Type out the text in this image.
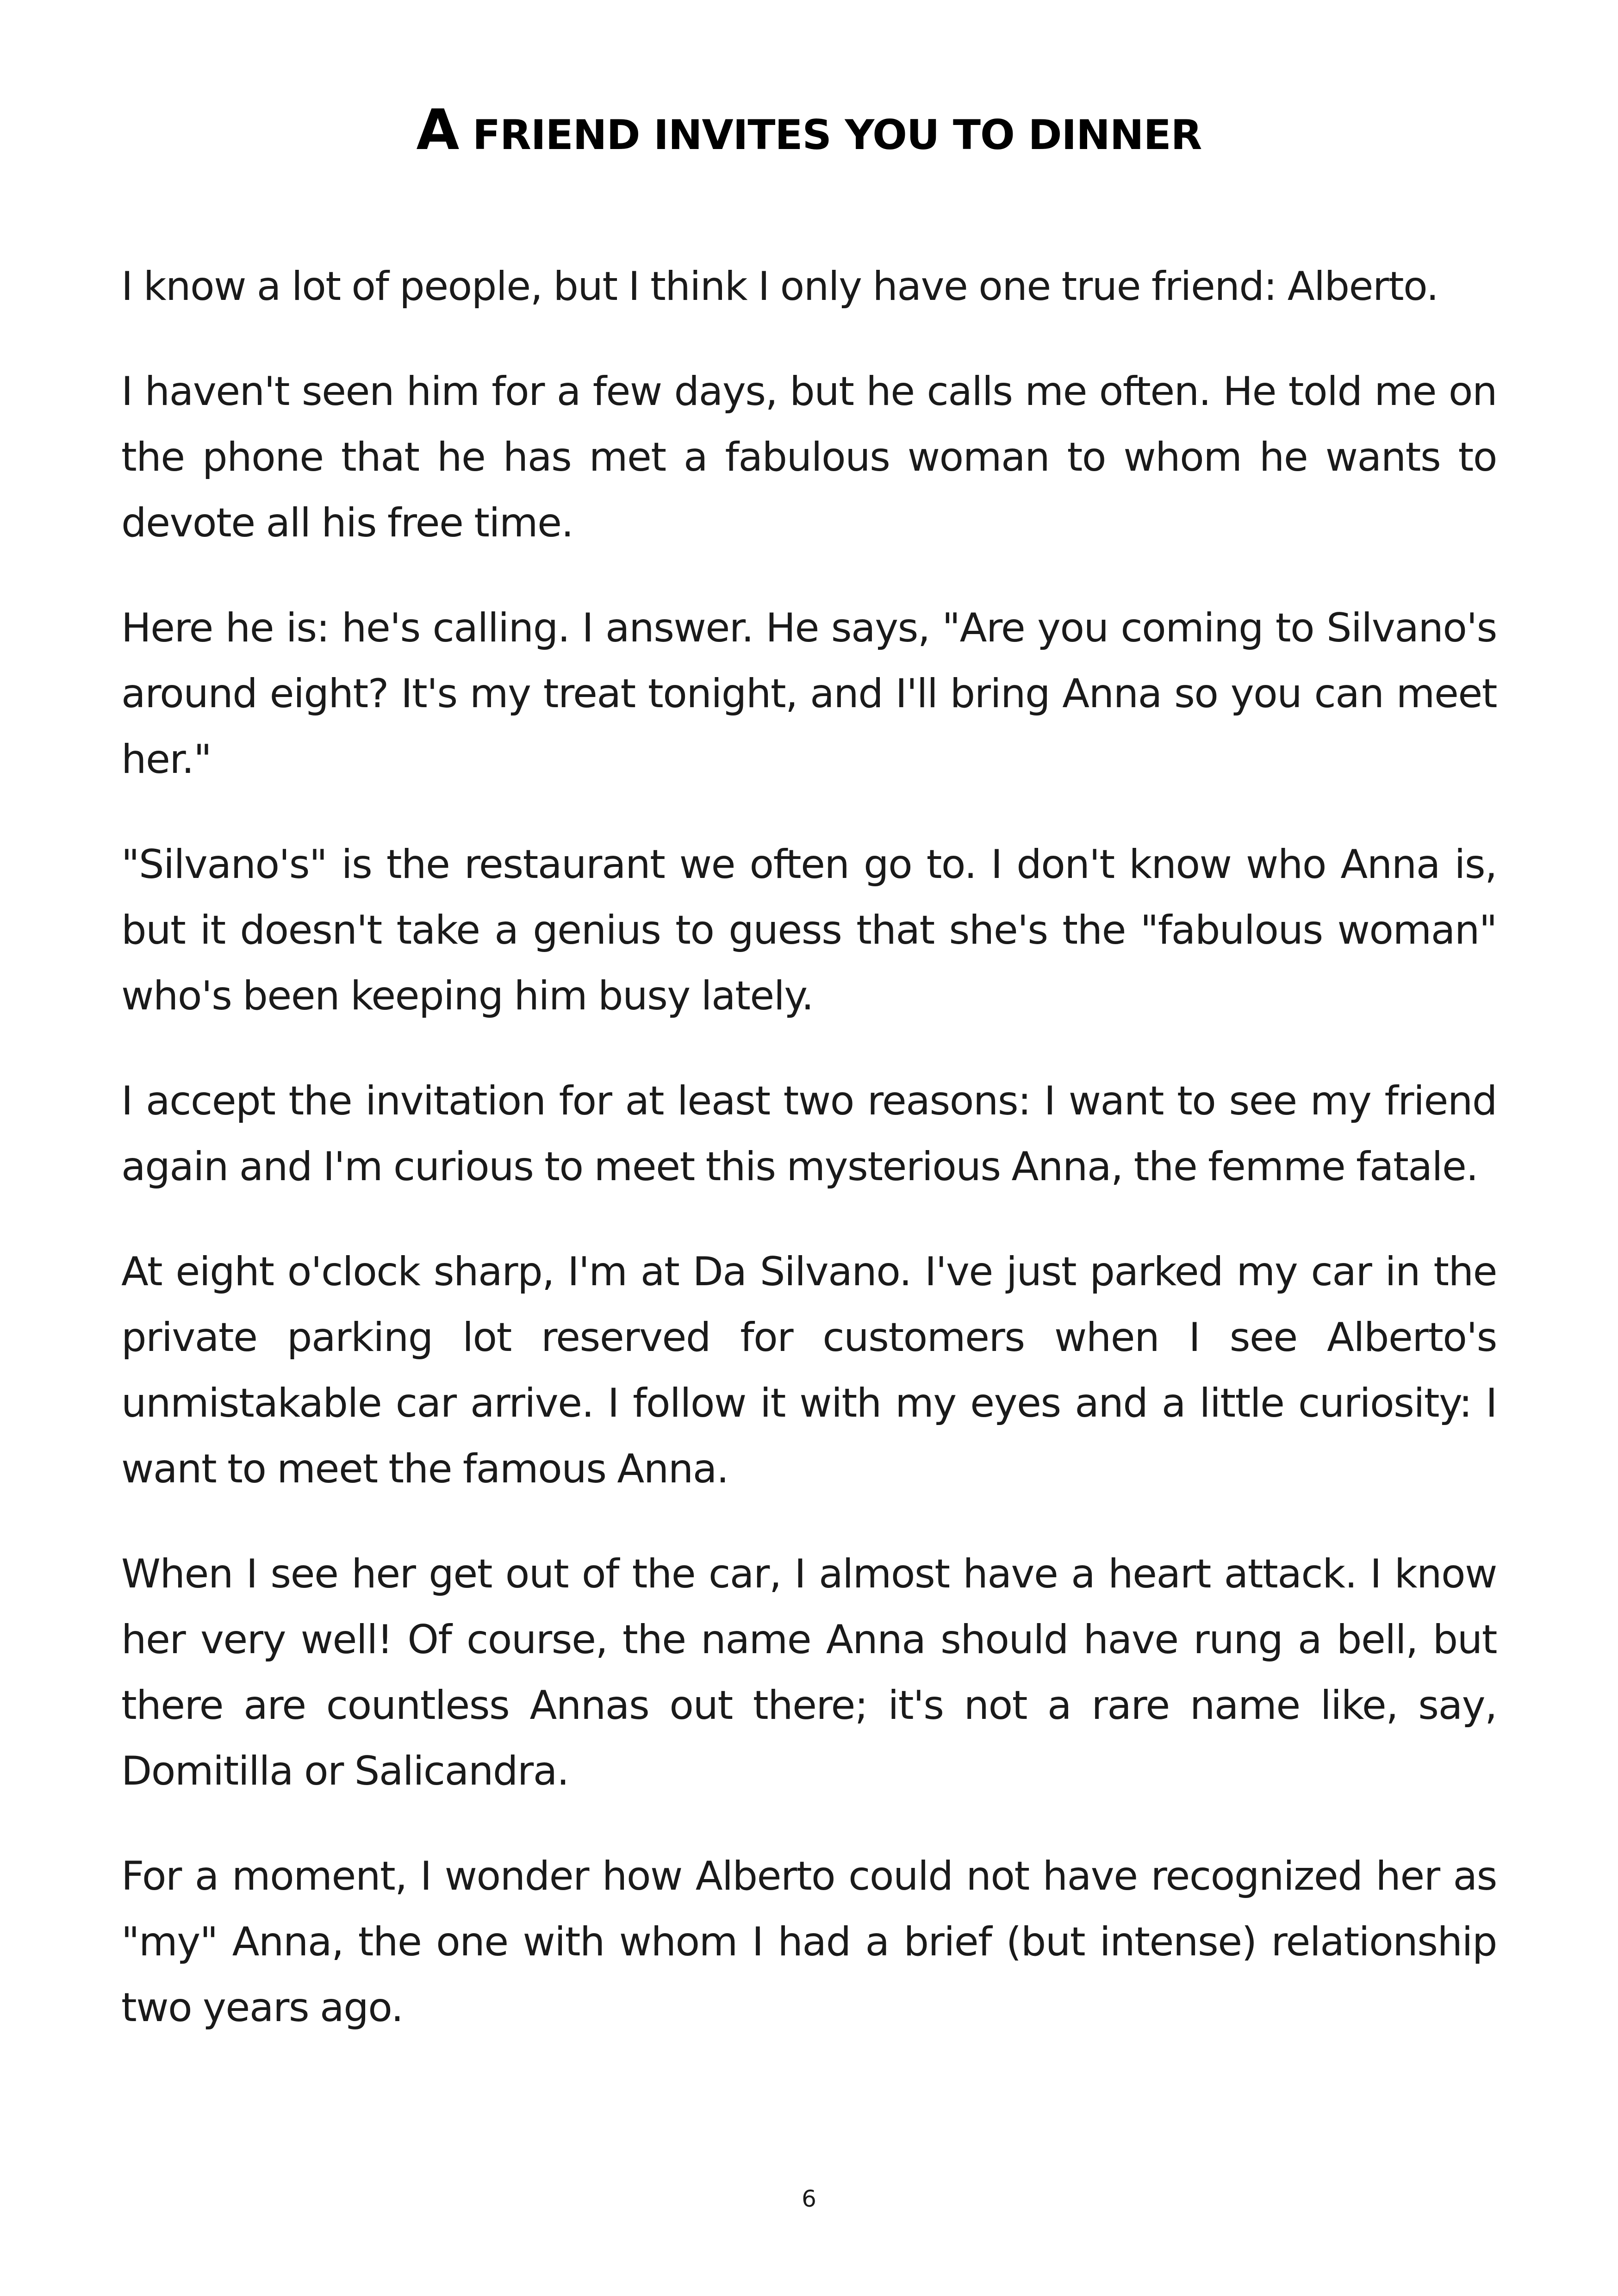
A FRIEND INVITES YOU TO DINNER

I know a lot of people, but I think I only have one true friend: Alberto.

I haven't seen him for a few days, but he calls me often. He told me on the phone that he has met a fabulous woman to whom he wants to devote all his free time.

Here he is: he's calling. I answer. He says, "Are you coming to Silvano's around eight? It's my treat tonight, and I'll bring Anna so you can meet her."

"Silvano's" is the restaurant we often go to. I don't know who Anna is, but it doesn't take a genius to guess that she's the "fabulous woman" who's been keeping him busy lately.

I accept the invitation for at least two reasons: I want to see my friend again and I'm curious to meet this mysterious Anna, the femme fatale.

At eight o'clock sharp, I'm at Da Silvano. I've just parked my car in the private parking lot reserved for customers when I see Alberto's unmistakable car arrive. I follow it with my eyes and a little curiosity: I want to meet the famous Anna.

When I see her get out of the car, I almost have a heart attack. I know her very well! Of course, the name Anna should have rung a bell, but there are countless Annas out there; it's not a rare name like, say, Domitilla or Salicandra.

For a moment, I wonder how Alberto could not have recognized her as "my" Anna, the one with whom I had a brief (but intense) relationship two years ago.

6
